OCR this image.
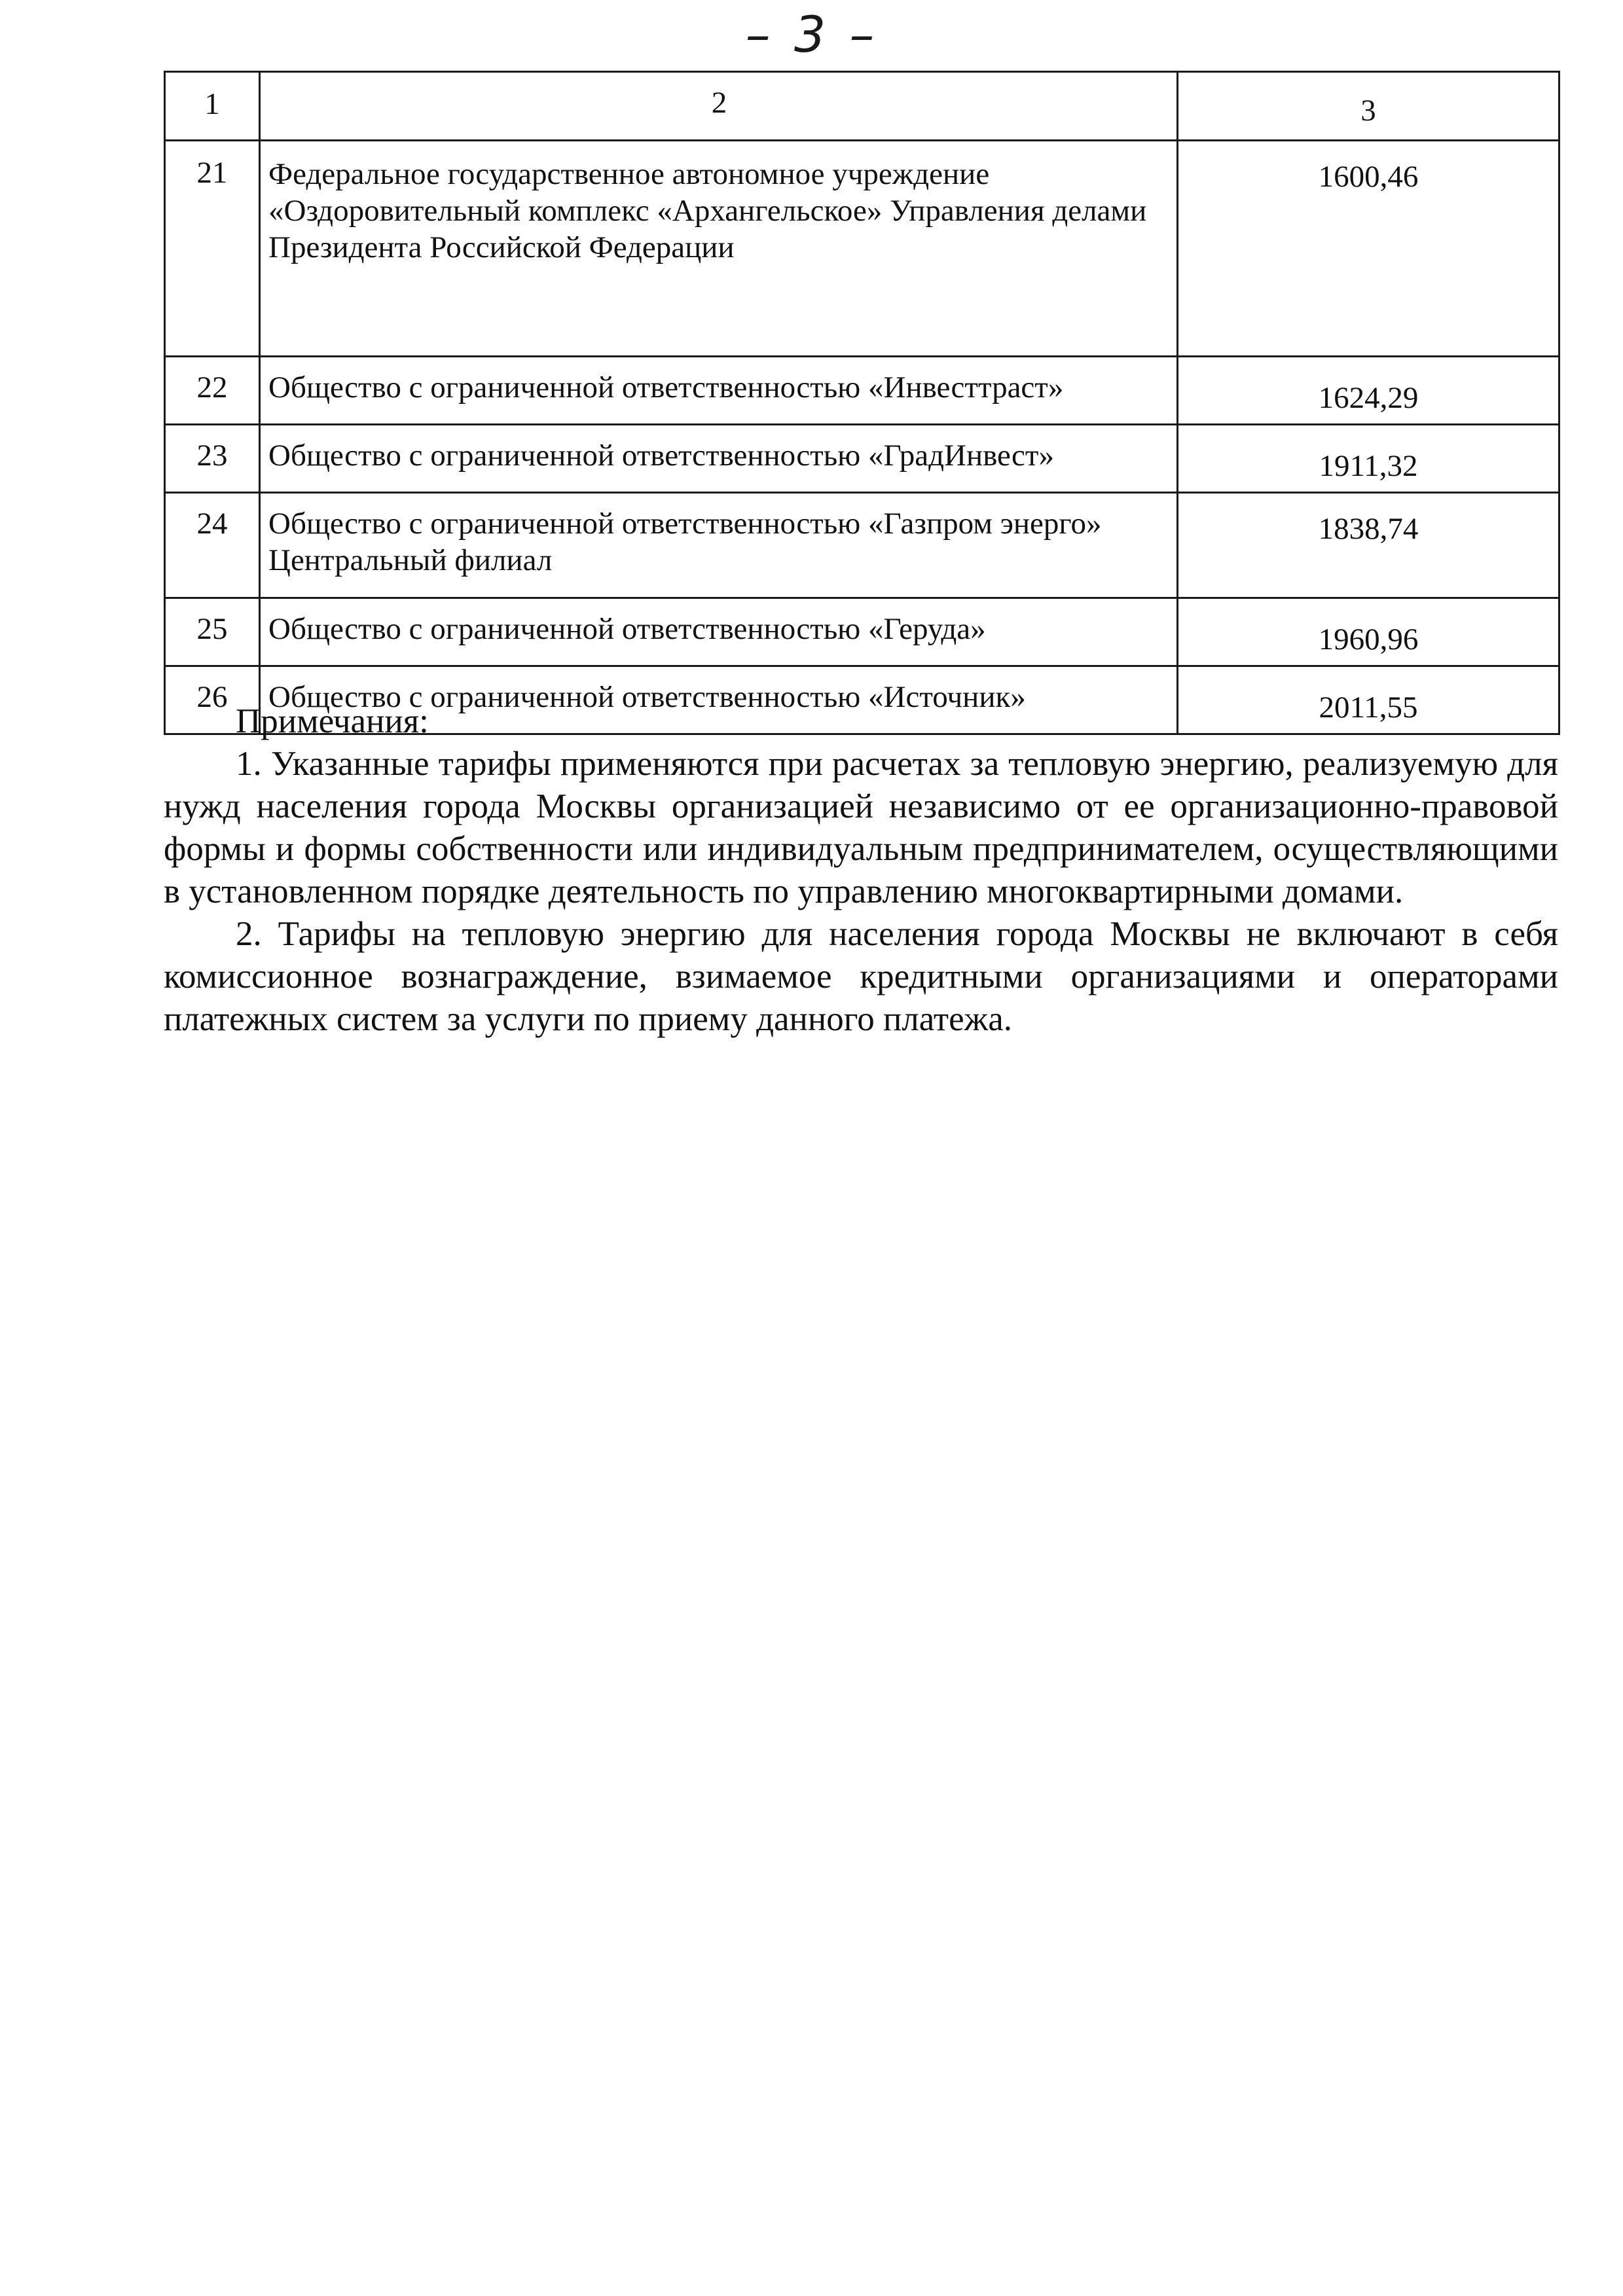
– 3 –
1	2	3
21	Федеральное государственное автономное учреждение «Оздоровительный комплекс «Архангельское» Управления делами Президента Российской Федерации	1600,46
22	Общество с ограниченной ответственностью «Инвесттраст»	1624,29
23	Общество с ограниченной ответственностью «ГрадИнвест»	1911,32
24	Общество с ограниченной ответственностью «Газпром энерго» Центральный филиал	1838,74
25	Общество с ограниченной ответственностью «Геруда»	1960,96
26	Общество с ограниченной ответственностью «Источник»	2011,55

Примечания:

1. Указанные тарифы применяются при расчетах за тепловую энергию, реализуемую для нужд населения города Москвы организацией независимо от ее организационно-правовой формы и формы собственности или индивидуальным предпринимателем, осуществляющими в установленном порядке деятельность по управлению многоквартирными домами.

2. Тарифы на тепловую энергию для населения города Москвы не включают в себя комиссионное вознаграждение, взимаемое кредитными организациями и операторами платежных систем за услуги по приему данного платежа.
